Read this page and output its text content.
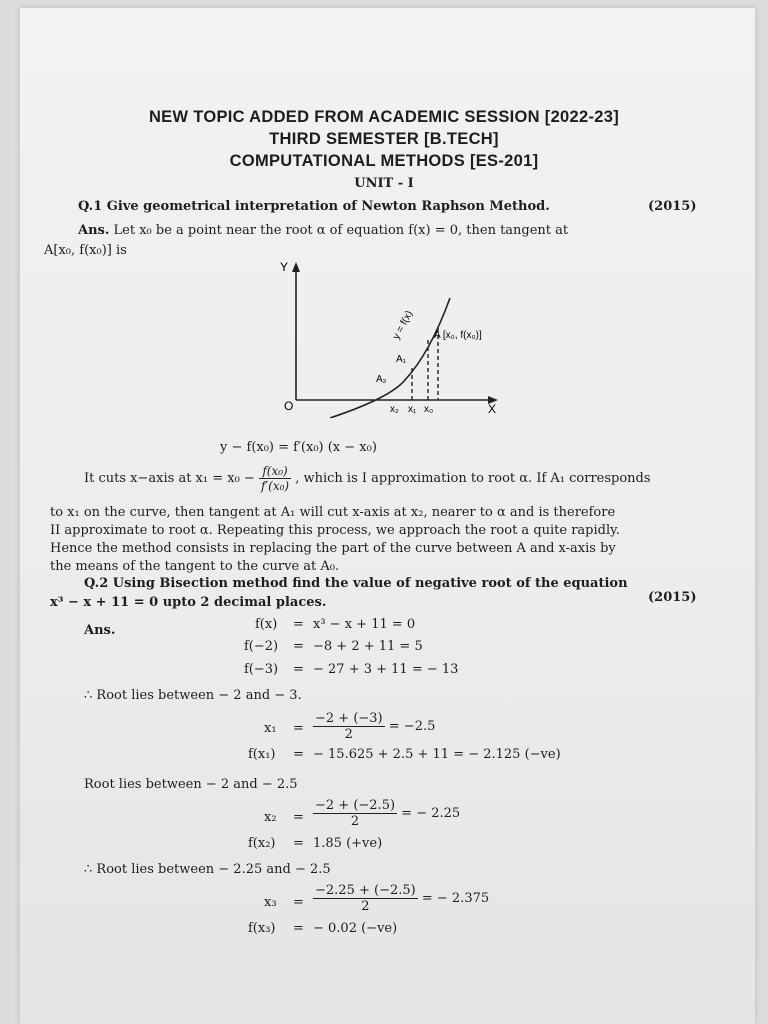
NEW TOPIC ADDED FROM ACADEMIC SESSION [2022-23]
THIRD SEMESTER [B.TECH]
COMPUTATIONAL METHODS [ES-201]
UNIT - I
Q.1 Give geometrical interpretation of Newton Raphson Method.	(2015)
Ans. Let x₀ be a point near the root α of equation f(x) = 0, then tangent at
A[x₀, f(x₀)] is
Y
X
O
y = f(x) A [x₀, f(x₀)]
A₁
A₂
x₂ x₁ x₀
y − f(x₀) = f′(x₀) (x − x₀)
It cuts x−axis at $x_1 = x_0 - \frac{\text{f(x₀)}}{\text{f′(x₀)}}$ , which is I approximation to root α. If A₁ corresponds
to x₁ on the curve, then tangent at A₁ will cut x-axis at x₂, nearer to α and is therefore
II approximate to root α. Repeating this process, we approach the root a quite rapidly.
Hence the method consists in replacing the part of the curve between A and x-axis by
the means of the tangent to the curve at A₀.
Q.2 Using Bisection method find the value of negative root of the equation
x³ − x + 11 = 0 upto 2 decimal places.	(2015)
Ans.	f(x) = x³ − x + 11 = 0
f(−2) = −8 + 2 + 11 = 5
f(−3) = − 27 + 3 + 11 = − 13
∴ Root lies between − 2 and − 3.
$x_1 = \frac{-2 + (-3)}{2} = -2.5$
f(x₁) = − 15.625 + 2.5 + 11 = − 2.125 (−ve)
Root lies between − 2 and − 2.5
$x_2 = \frac{-2 + (-2.5)}{2}$ = − 2.25
f(x₂) = 1.85 (+ve)
∴ Root lies between − 2.25 and − 2.5
$x_3 = \frac{-2.25 + (-2.5)}{2}$ = − 2.375
f(x₃) = − 0.02 (−ve)
